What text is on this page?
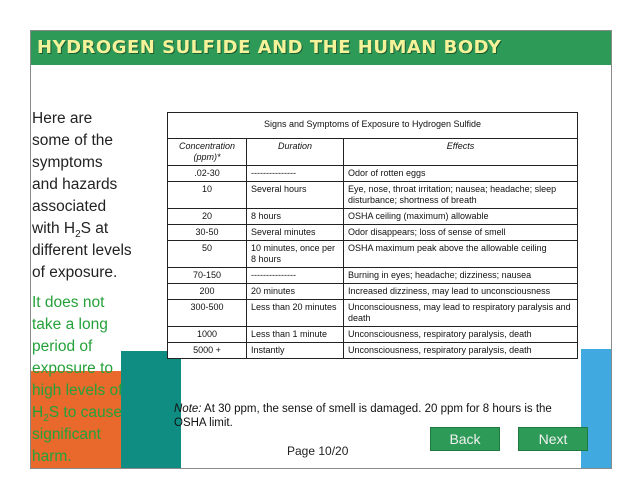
HYDROGEN SULFIDE AND THE HUMAN BODY

Here are some of the symptoms and hazards associated with $H_2S$ at different levels of exposure.

It does not take a long period of exposure to high levels of $H_2S$ to cause significant harm.

Signs and Symptoms of Exposure to Hydrogen Sulfide		
Concentration (ppm)*	Duration	Effects
.02-30	---------------	Odor of rotten eggs
10	Several hours	Eye, nose, throat irritation; nausea; headache; sleep disturbance; shortness of breath
20	8 hours	OSHA ceiling (maximum) allowable
30-50	Several minutes	Odor disappears; loss of sense of smell
50	10 minutes, once per 8 hours	OSHA maximum peak above the allowable ceiling
70-150	---------------	Burning in eyes; headache; dizziness; nausea
200	20 minutes	Increased dizziness, may lead to unconsciousness
300-500	Less than 20 minutes	Unconsciousness, may lead to respiratory paralysis and death
1000	Less than 1 minute	Unconsciousness, respiratory paralysis, death
5000 +	Instantly	Unconsciousness, respiratory paralysis, death
Note: At 30 ppm, the sense of smell is damaged. 20 ppm for 8 hours is the OSHA limit.
Back	Next
Page 10/20
